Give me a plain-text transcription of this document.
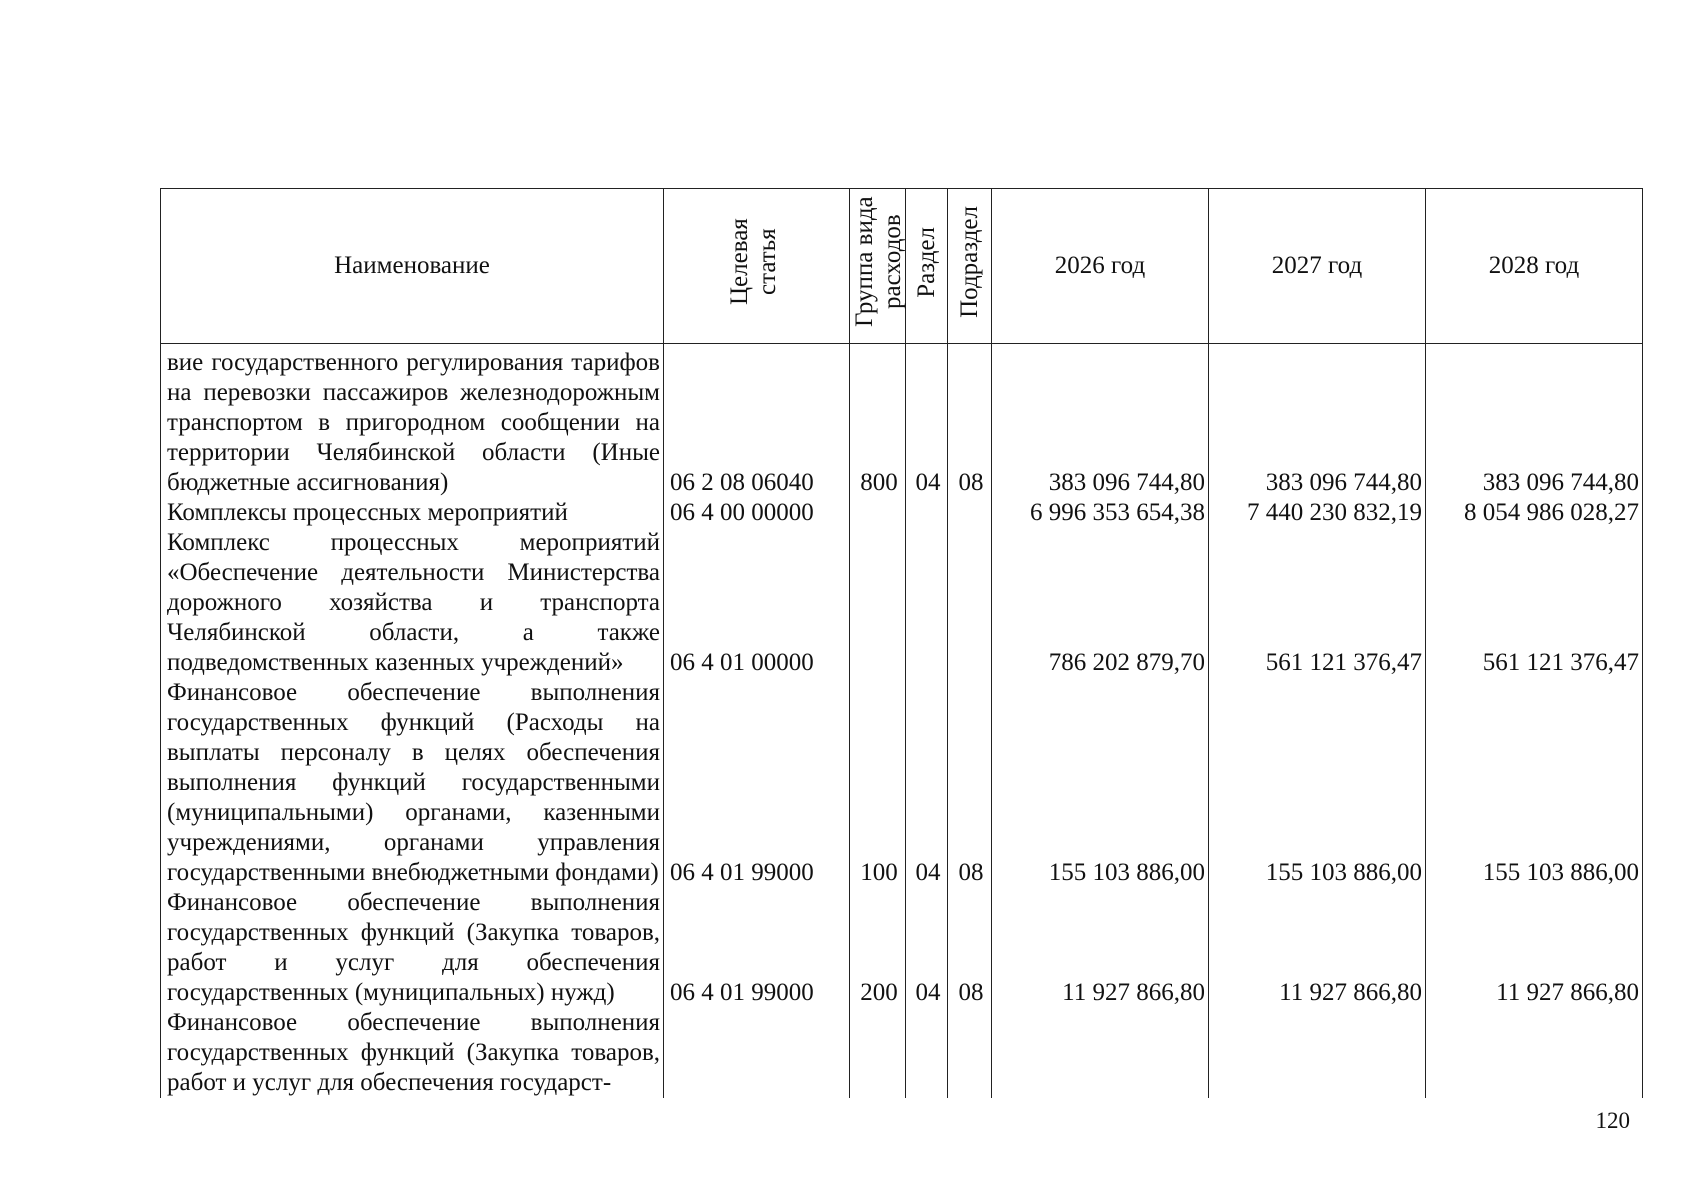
Наименование	Целевая статья	Группа вида расходов	Раздел	Подраздел	2026 год	2027 год	2028 год
вие государственного регулирования тарифов на перевозки пассажиров железнодорожным транспортом в пригородном сообщении на территории Челябинской области (Иные бюджетные ассигнования)	06 2 08 06040	800	04	08	383 096 744,80	383 096 744,80	383 096 744,80
Комплексы процессных мероприятий	06 4 00 00000				6 996 353 654,38	7 440 230 832,19	8 054 986 028,27
Комплекс процессных мероприятий «Обеспечение деятельности Министерства дорожного хозяйства и транспорта Челябинской области, а также подведомственных казенных учреждений»	06 4 01 00000				786 202 879,70	561 121 376,47	561 121 376,47
Финансовое обеспечение выполнения государственных функций (Расходы на выплаты персоналу в целях обеспечения выполнения функций государственными (муниципальными) органами, казенными учреждениями, органами управления государственными внебюджетными фондами)	06 4 01 99000	100	04	08	155 103 886,00	155 103 886,00	155 103 886,00
Финансовое обеспечение выполнения государственных функций (Закупка товаров, работ и услуг для обеспечения государственных (муниципальных) нужд)	06 4 01 99000	200	04	08	11 927 866,80	11 927 866,80	11 927 866,80
Финансовое обеспечение выполнения государственных функций (Закупка товаров, работ и услуг для обеспечения государст-							
120
